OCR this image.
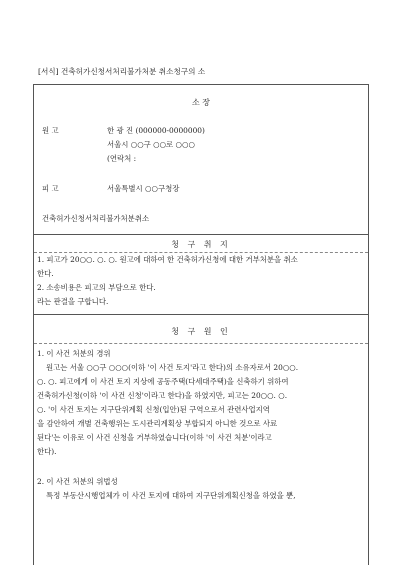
[서식] 건축허가신청서처리불가처분 취소청구의 소
소 장
원 고	한 광 진 (000000-0000000)
서울시 ○○구 ○○로 ○○○
(연락처 :
피 고	서울특별시 ○○구청장
건축허가신청서처리불가처분취소
청 구 취 지
1. 피고가 20○○. ○. ○. 원고에 대하여 한 건축허가신청에 대한 거부처분을 취소
한다.
2. 소송비용은 피고의 부담으로 한다.
라는 판결을 구합니다.
청 구 원 인
1. 이 사건 처분의 경위
원고는 서울 ○○구 ○○○(이하 '이 사건 토지'라고 한다)의 소유자로서 20○○.
○. ○. 피고에게 이 사건 토지 지상에 공동주택(다세대주택)을 신축하기 위하여
건축허가신청(이하 '이 사건 신청'이라고 한다)을 하였지만, 피고는 20○○. ○.
○. '이 사건 토지는 지구단위계획 신청(입안)된 구역으로서 관련사업지역
을 감안하여 개별 건축행위는 도시관리계획상 부합되지 아니한 것으로 사료
된다'는 이유로 이 사건 신청을 거부하였습니다(이하 '이 사건 처분'이라고
한다).
2. 이 사건 처분의 위법성
특정 부동산시행업체가 이 사건 토지에 대하여 지구단위계획신청을 하였을 뿐,
